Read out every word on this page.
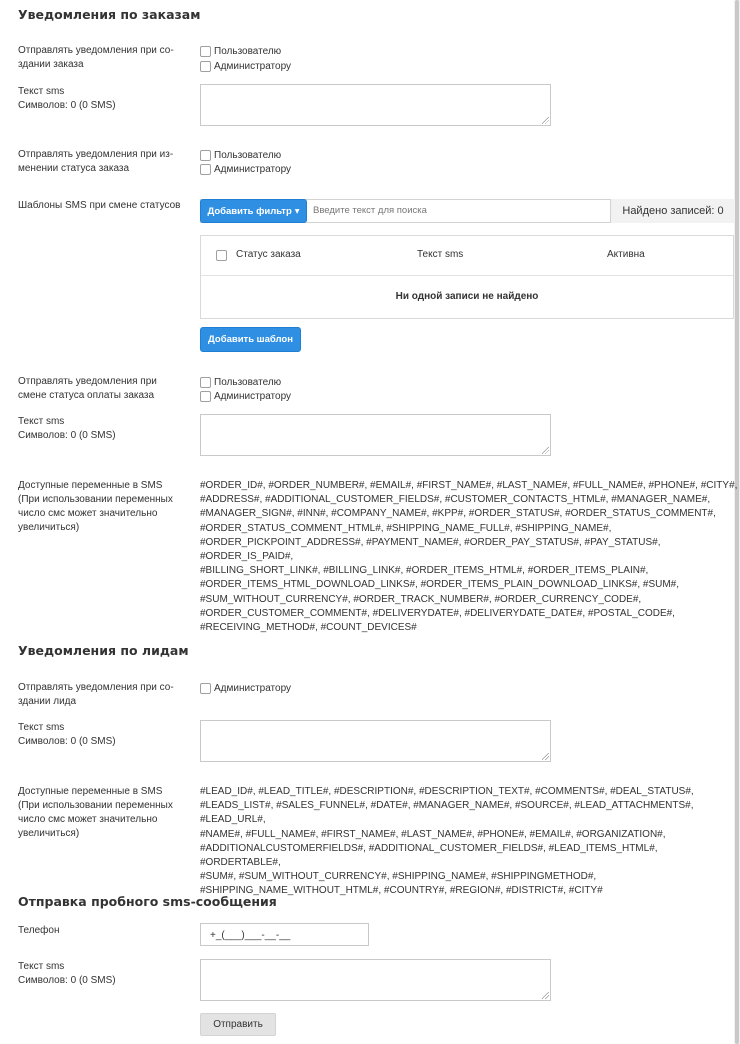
Уведомления по заказам
Отправлять уведомления при со-
здании заказа
Пользователю
Администратору
Текст sms
Символов: 0 (0 SMS)
Отправлять уведомления при из-
менении статуса заказа
Пользователю
Администратору
Шаблоны SMS при смене статусов	Добавить фильтр ▾ Введите текст для поиска	Найдено записей: 0
Статус заказа	Текст sms	Активна
Ни одной записи не найдено
Добавить шаблон
Отправлять уведомления при
смене статуса оплаты заказа
Пользователю
Администратору
Текст sms
Символов: 0 (0 SMS)
Доступные переменные в SMS
(При использовании переменных
число смс может значительно
увеличиться)
#ORDER_ID#, #ORDER_NUMBER#, #EMAIL#, #FIRST_NAME#, #LAST_NAME#, #FULL_NAME#, #PHONE#, #CITY#,
#ADDRESS#, #ADDITIONAL_CUSTOMER_FIELDS#, #CUSTOMER_CONTACTS_HTML#, #MANAGER_NAME#,
#MANAGER_SIGN#, #INN#, #COMPANY_NAME#, #KPP#, #ORDER_STATUS#, #ORDER_STATUS_COMMENT#,
#ORDER_STATUS_COMMENT_HTML#, #SHIPPING_NAME_FULL#, #SHIPPING_NAME#,
#ORDER_PICKPOINT_ADDRESS#, #PAYMENT_NAME#, #ORDER_PAY_STATUS#, #PAY_STATUS#, #ORDER_IS_PAID#,
#BILLING_SHORT_LINK#, #BILLING_LINK#, #ORDER_ITEMS_HTML#, #ORDER_ITEMS_PLAIN#,
#ORDER_ITEMS_HTML_DOWNLOAD_LINKS#, #ORDER_ITEMS_PLAIN_DOWNLOAD_LINKS#, #SUM#,
#SUM_WITHOUT_CURRENCY#, #ORDER_TRACK_NUMBER#, #ORDER_CURRENCY_CODE#,
#ORDER_CUSTOMER_COMMENT#, #DELIVERYDATE#, #DELIVERYDATE_DATE#, #POSTAL_CODE#,
#RECEIVING_METHOD#, #COUNT_DEVICES#
Уведомления по лидам
Отправлять уведомления при со-
здании лида
Администратору
Текст sms
Символов: 0 (0 SMS)
Доступные переменные в SMS
(При использовании переменных
число смс может значительно
увеличиться)
#LEAD_ID#, #LEAD_TITLE#, #DESCRIPTION#, #DESCRIPTION_TEXT#, #COMMENTS#, #DEAL_STATUS#,
#LEADS_LIST#, #SALES_FUNNEL#, #DATE#, #MANAGER_NAME#, #SOURCE#, #LEAD_ATTACHMENTS#, #LEAD_URL#,
#NAME#, #FULL_NAME#, #FIRST_NAME#, #LAST_NAME#, #PHONE#, #EMAIL#, #ORGANIZATION#,
#ADDITIONALCUSTOMERFIELDS#, #ADDITIONAL_CUSTOMER_FIELDS#, #LEAD_ITEMS_HTML#, #ORDERTABLE#,
#SUM#, #SUM_WITHOUT_CURRENCY#, #SHIPPING_NAME#, #SHIPPINGMETHOD#,
#SHIPPING_NAME_WITHOUT_HTML#, #COUNTRY#, #REGION#, #DISTRICT#, #CITY#
Отправка пробного sms-сообщения
Телефон	+_(___)___-__-__
Текст sms
Символов: 0 (0 SMS)
Отправить
